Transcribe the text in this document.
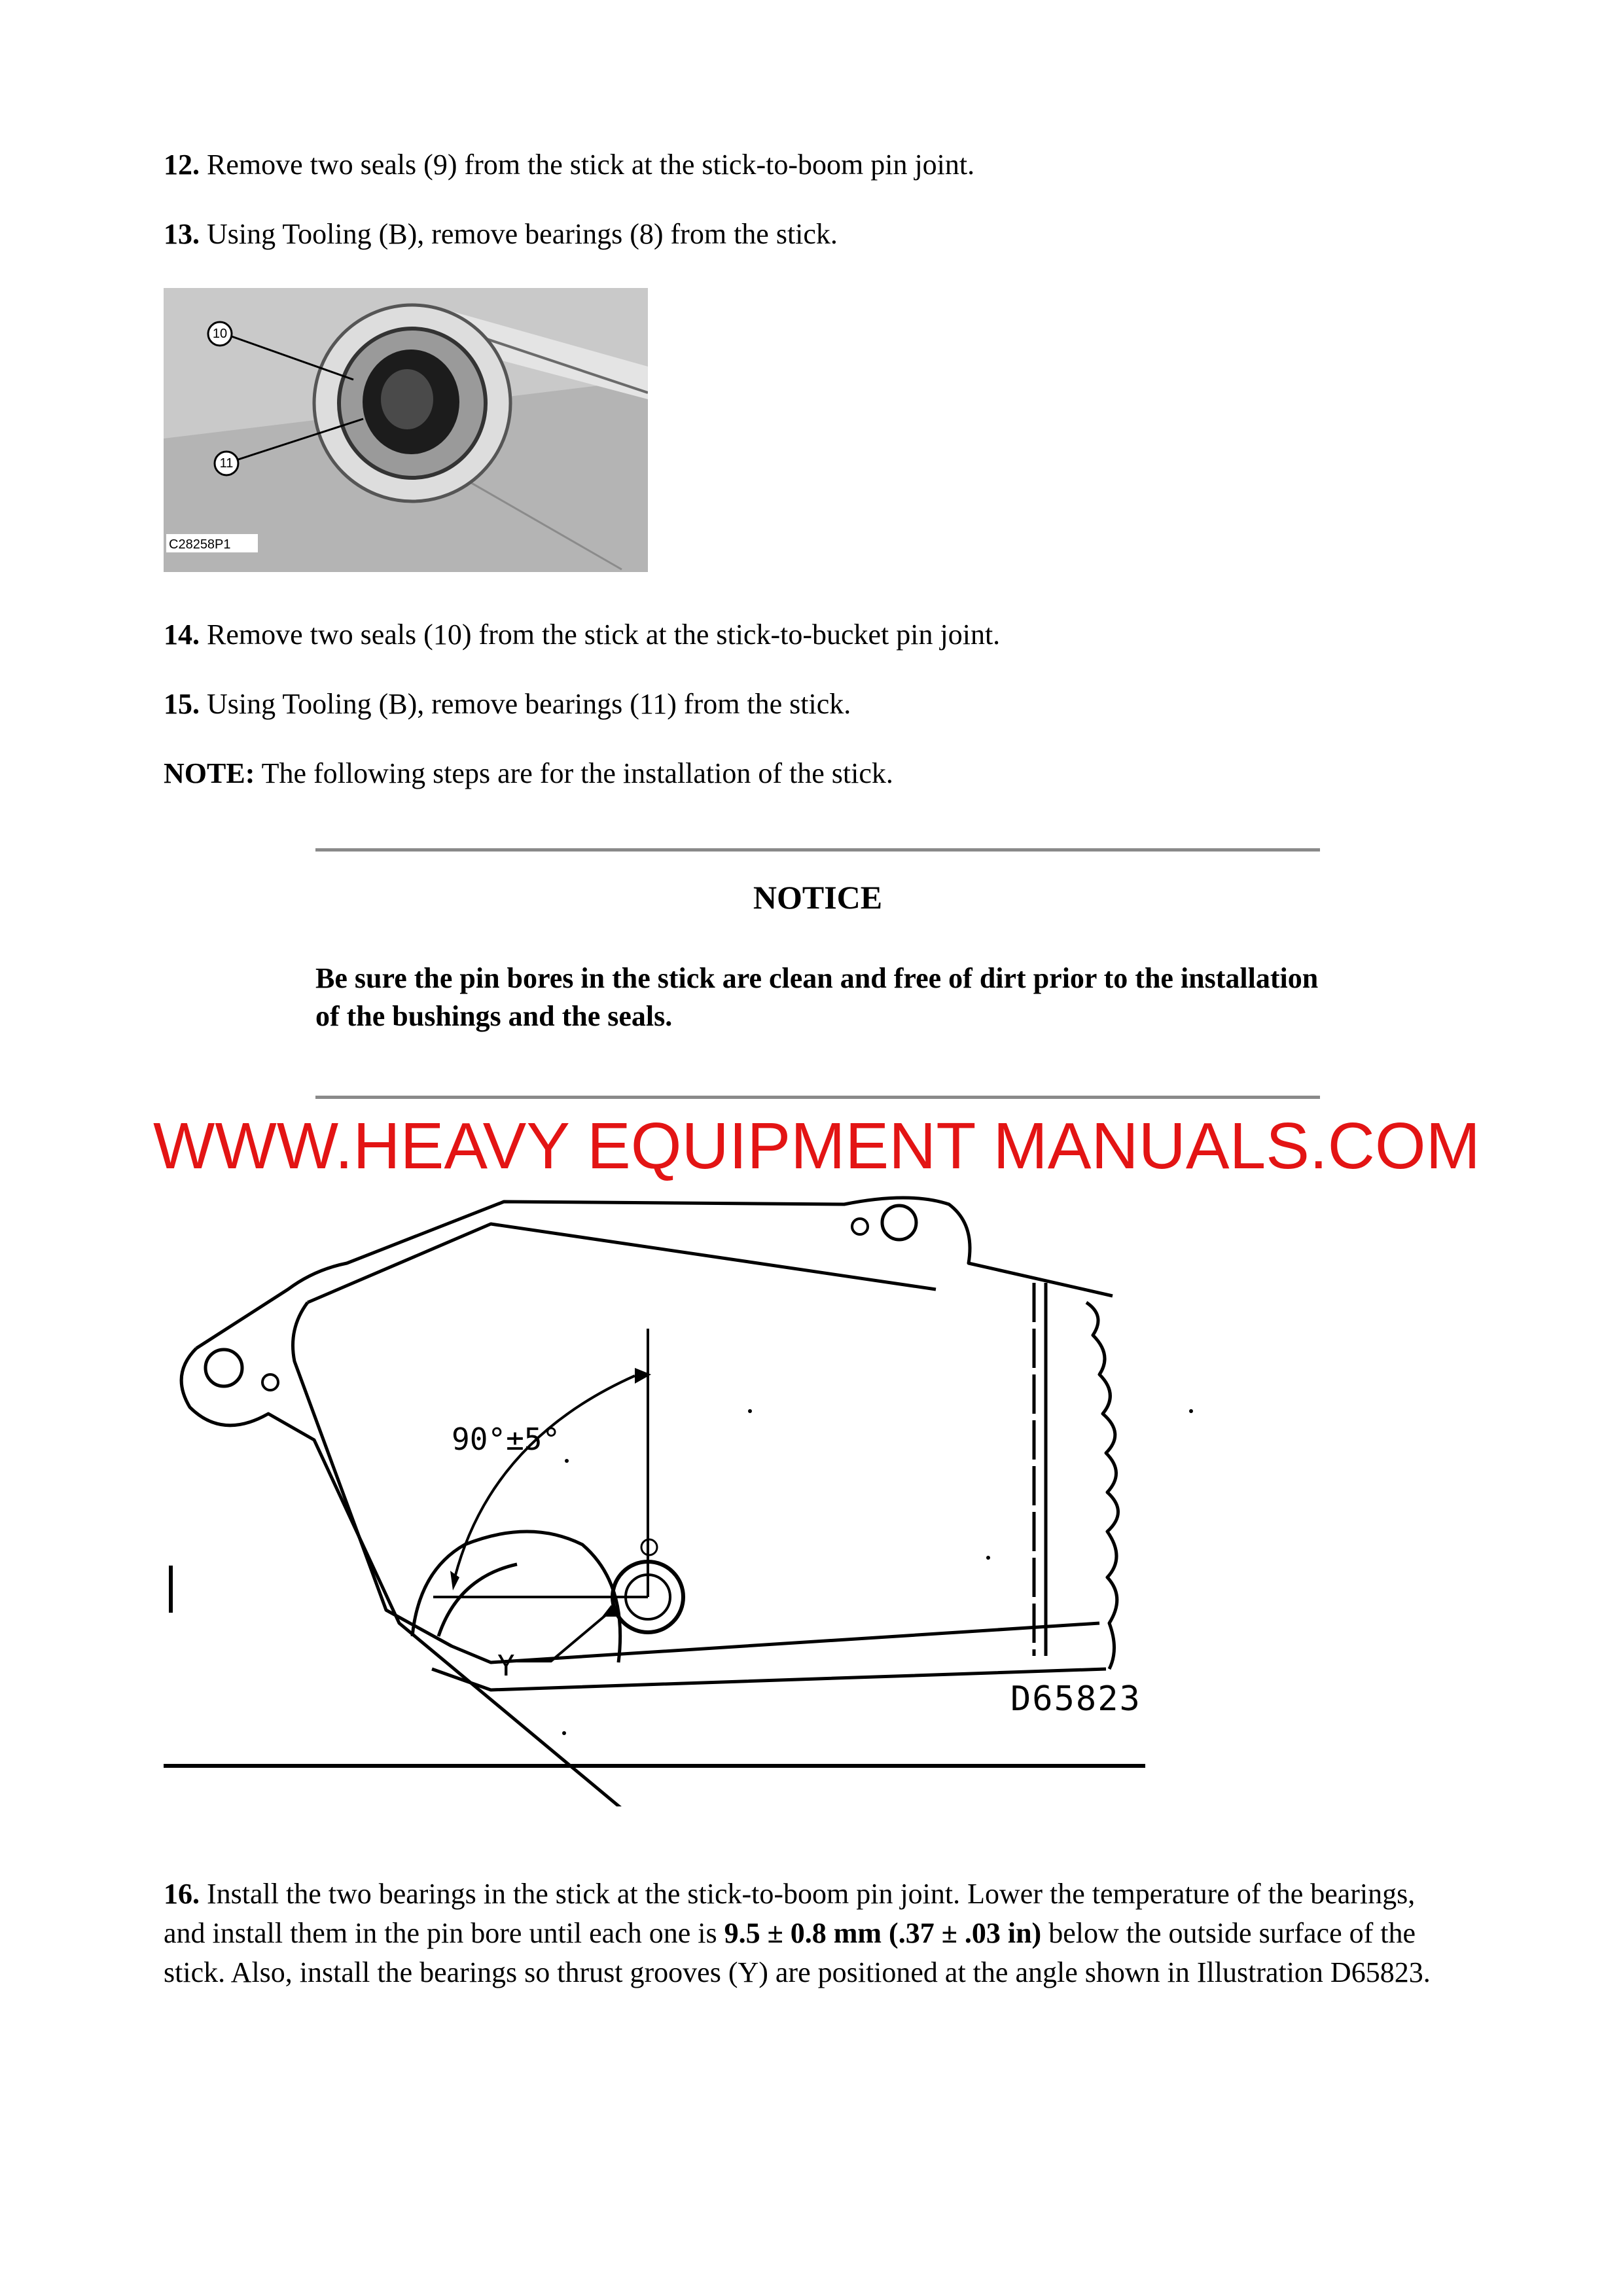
12. Remove two seals (9) from the stick at the stick-to-boom pin joint.

13. Using Tooling (B), remove bearings (8) from the stick.

10
11
C28258P1

14. Remove two seals (10) from the stick at the stick-to-bucket pin joint.

15. Using Tooling (B), remove bearings (11) from the stick.

NOTE: The following steps are for the installation of the stick.

NOTICE

Be sure the pin bores in the stick are clean and free of dirt prior to the installation of the bushings and the seals.

90°±5°
Y
D65823

WWW.HEAVY EQUIPMENT MANUALS.COM

16. Install the two bearings in the stick at the stick-to-boom pin joint. Lower the temperature of the bearings, and install them in the pin bore until each one is 9.5 ± 0.8 mm (.37 ± .03 in) below the outside surface of the stick. Also, install the bearings so thrust grooves (Y) are positioned at the angle shown in Illustration D65823.
